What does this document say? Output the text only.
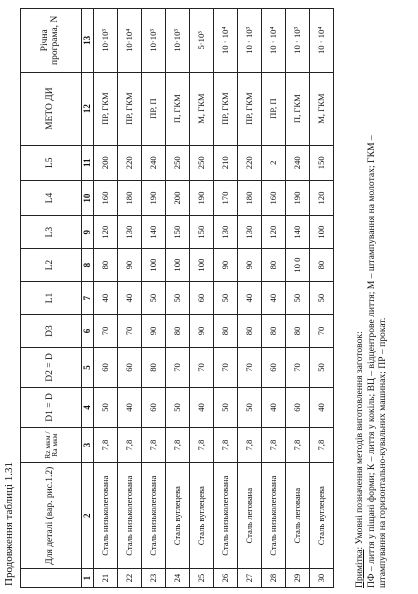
Продовження таблиці 1.31
		Для деталі (вар. рис.1.2)	Rz мкм / Ra мкм	D1 = D	D2 = D	D3	L1	L2	L3	L4	L5	МЕТО ДИ	Річна програма, N
1	2	3	4	5	6	7	8	9	10	11	12	13
21	Сталь низьколегована	7,8	50	60	70	40	80	120	160	200	ПР, ГКМ	10·10³
22	Сталь низьколегована	7,8	40	60	70	40	90	130	180	220	ПР, ГКМ	10·10⁴
23	Сталь низьколегована	7,8	60	80	90	50	100	140	190	240	ПР, П	10·10³
24	Сталь вуглецева	7,8	50	70	80	50	100	150	200	250	П, ГКМ	10·10³
25	Сталь вуглецева	7,8	40	70	90	60	100	150	190	250	М, ГКМ	5·10³
26	Сталь низьколегована	7,8	50	70	80	50	90	130	170	210	ПР, ГКМ	10 · 10⁴
27	Сталь легована	7,8	50	70	80	40	90	130	180	220	ПР, ГКМ	10 · 10³
28	Сталь низьколегована	7,8	40	60	80	40	80	120	160	2	ПР, П	10 · 10⁴
29	Сталь легована	7,8	60	70	80	50	10 0	140	190	240	П, ГКМ	10 · 10³
30	Сталь вуглецева	7,8	40	50	70	50	80	100	120	150	М, ГКМ	10 · 10⁴
Примітка: Умовні позначення методів виготовлення заготовок: ПФ – лиття у піщані форми; К – лиття у кокіль; ВЦ – відцентрове лиття; М – штампування на молотах; ГКМ – штампування на горизонтально-кувальних машинах; ПР – прокат.
